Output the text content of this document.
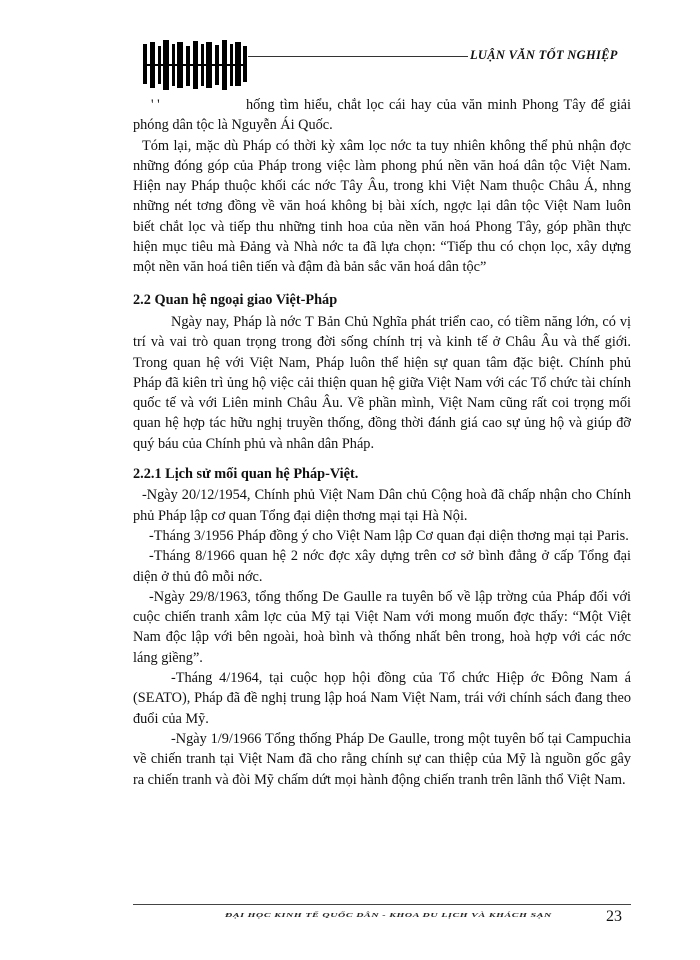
LUẬN VĂN TỐT NGHIỆP

' '	hống tìm hiểu, chắt lọc cái hay của văn minh Phong Tây để giải phóng dân tộc là Nguyễn Ái Quốc.

Tóm lại, mặc dù Pháp có thời kỳ xâm lọc nớc ta tuy nhiên không thể phủ nhận đợc những đóng góp của Pháp trong việc làm phong phú nền văn hoá dân tộc Việt Nam. Hiện nay Pháp thuộc khối các nớc Tây Âu, trong khi Việt Nam thuộc Châu Á, nhng những nét tơng đồng về văn hoá không bị bài xích, ngợc lại dân tộc Việt Nam luôn biết chắt lọc và tiếp thu những tinh hoa của nền văn hoá Phong Tây, góp phần thực hiện mục tiêu mà Đảng và Nhà nớc ta đã lựa chọn: “Tiếp thu có chọn lọc, xây dựng một nền văn hoá tiên tiến và đậm đà bản sắc văn hoá dân tộc”

2.2 Quan hệ ngoại giao Việt-Pháp

Ngày nay, Pháp là nớc T Bản Chủ Nghĩa phát triển cao, có tiềm năng lớn, có vị trí và vai trò quan trọng trong đời sống chính trị và kinh tế ở Châu Âu và thế giới. Trong quan hệ với Việt Nam, Pháp luôn thể hiện sự quan tâm đặc biệt. Chính phủ Pháp đã kiên trì ủng hộ việc cải thiện quan hệ giữa Việt Nam với các Tổ chức tài chính quốc tế và với Liên minh Châu Âu. Về phần mình, Việt Nam cũng rất coi trọng mối quan hệ hợp tác hữu nghị truyền thống, đồng thời đánh giá cao sự ủng hộ và giúp đỡ quý báu của Chính phủ và nhân dân Pháp.

2.2.1 Lịch sử mối quan hệ Pháp-Việt.

-Ngày 20/12/1954, Chính phủ Việt Nam Dân chủ Cộng hoà đã chấp nhận cho Chính phủ Pháp lập cơ quan Tổng đại diện thơng mại tại Hà Nội.

-Tháng 3/1956 Pháp đồng ý cho Việt Nam lập Cơ quan đại diện thơng mại tại Paris.

-Tháng 8/1966 quan hệ 2 nớc đợc xây dựng trên cơ sở bình đẳng ở cấp Tổng đại diện ở thủ đô mỗi nớc.

-Ngày 29/8/1963, tổng thống De Gaulle ra tuyên bố về lập trờng của Pháp đối với cuộc chiến tranh xâm lợc của Mỹ tại Việt Nam với mong muốn đợc thấy: “Một Việt Nam độc lập với bên ngoài, hoà bình và thống nhất bên trong, hoà hợp với các nớc láng giềng”.

-Tháng 4/1964, tại cuộc họp hội đồng của Tổ chức Hiệp ớc Đông Nam á (SEATO), Pháp đã đề nghị trung lập hoá Nam Việt Nam, trái với chính sách đang theo đuổi của Mỹ.

-Ngày 1/9/1966 Tổng thống Pháp De Gaulle, trong một tuyên bố tại Campuchia về chiến tranh tại Việt Nam đã cho rằng chính sự can thiệp của Mỹ là nguồn gốc gây ra chiến tranh và đòi Mỹ chấm dứt mọi hành động chiến tranh trên lãnh thổ Việt Nam.

ĐẠI HỌC KINH TẾ QUỐC DÂN - KHOA DU LỊCH VÀ KHÁCH SẠN	23
